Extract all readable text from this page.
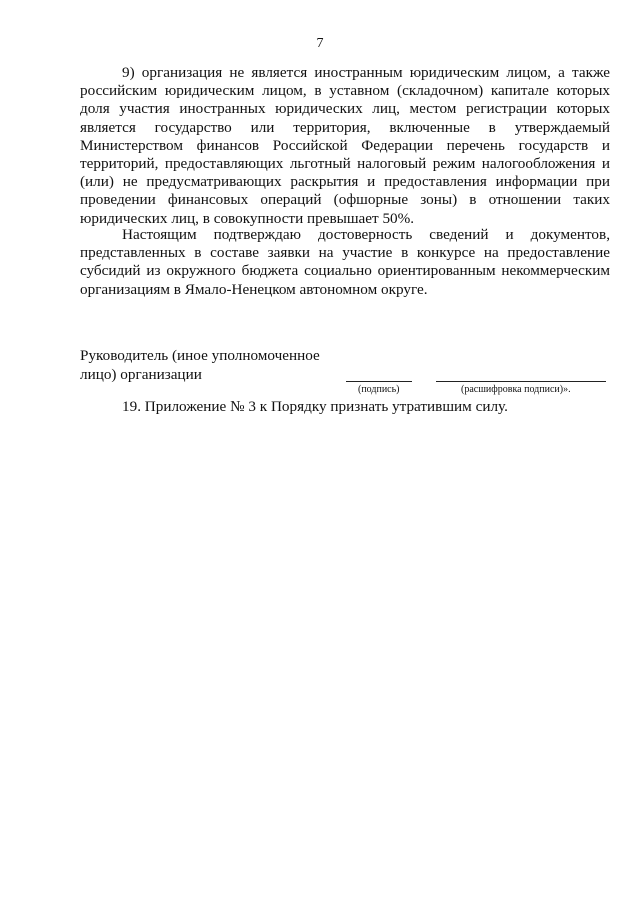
7

9) организация не является иностранным юридическим лицом, а также российским юридическим лицом, в уставном (складочном) капитале которых доля участия иностранных юридических лиц, местом регистрации которых является государство или территория, включенные в утверждаемый Министерством финансов Российской Федерации перечень государств и территорий, предоставляющих льготный налоговый режим налогообложения и (или) не предусматривающих раскрытия и предоставления информации при проведении финансовых операций (офшорные зоны) в отношении таких юридических лиц, в совокупности превышает 50%.

Настоящим подтверждаю достоверность сведений и документов, представленных в составе заявки на участие в конкурсе на предоставление субсидий из окружного бюджета социально ориентированным некоммерческим организациям в Ямало-Ненецком автономном округе.

Руководитель (иное уполномоченное
лицо) организации
(подпись)	(расшифровка подписи)».
19. Приложение № 3 к Порядку признать утратившим силу.
